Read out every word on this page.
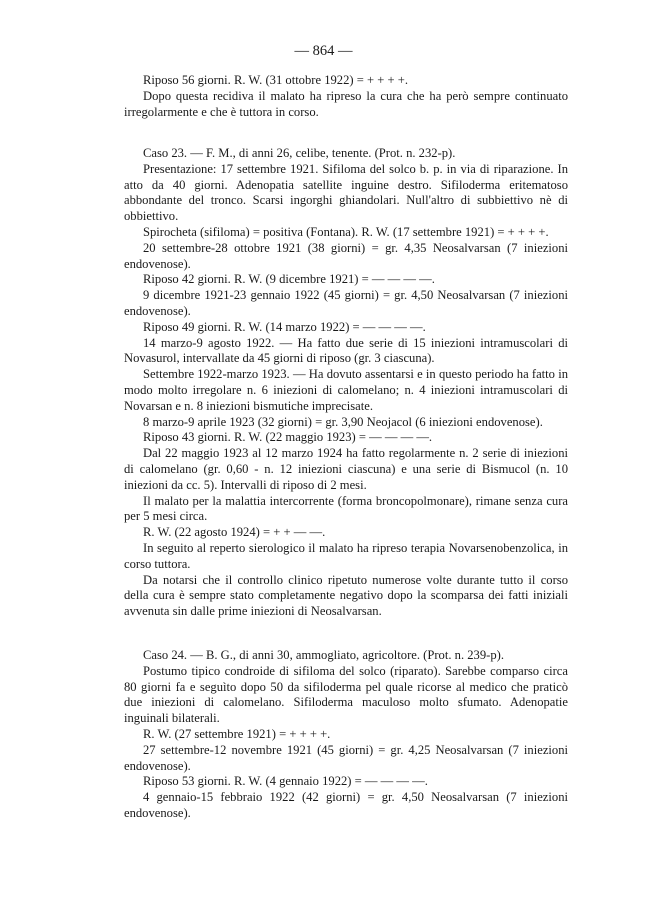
— 864 —

Riposo 56 giorni. R. W. (31 ottobre 1922) = + + + +.

Dopo questa recidiva il malato ha ripreso la cura che ha però sempre continuato irregolarmente e che è tuttora in corso.

Caso 23. — F. M., di anni 26, celibe, tenente. (Prot. n. 232-p).

Presentazione: 17 settembre 1921. Sifiloma del solco b. p. in via di riparazione. In atto da 40 giorni. Adenopatia satellite inguine destro. Sifiloderma eritematoso abbondante del tronco. Scarsi ingorghi ghiandolari. Null'altro di subbiettivo nè di obbiettivo.

Spirocheta (sifiloma) = positiva (Fontana). R. W. (17 settembre 1921) = + + + +.

20 settembre-28 ottobre 1921 (38 giorni) = gr. 4,35 Neosalvarsan (7 iniezioni endovenose).

Riposo 42 giorni. R. W. (9 dicembre 1921) = — — — —.

9 dicembre 1921-23 gennaio 1922 (45 giorni) = gr. 4,50 Neosalvarsan (7 iniezioni endovenose).

Riposo 49 giorni. R. W. (14 marzo 1922) = — — — —.

14 marzo-9 agosto 1922. — Ha fatto due serie di 15 iniezioni intramuscolari di Novasurol, intervallate da 45 giorni di riposo (gr. 3 ciascuna).

Settembre 1922-marzo 1923. — Ha dovuto assentarsi e in questo periodo ha fatto in modo molto irregolare n. 6 iniezioni di calomelano; n. 4 iniezioni intramuscolari di Novarsan e n. 8 iniezioni bismutiche imprecisate.

8 marzo-9 aprile 1923 (32 giorni) = gr. 3,90 Neojacol (6 iniezioni endovenose).

Riposo 43 giorni. R. W. (22 maggio 1923) = — — — —.

Dal 22 maggio 1923 al 12 marzo 1924 ha fatto regolarmente n. 2 serie di iniezioni di calomelano (gr. 0,60 - n. 12 iniezioni ciascuna) e una serie di Bismucol (n. 10 iniezioni da cc. 5). Intervalli di riposo di 2 mesi.

Il malato per la malattia intercorrente (forma broncopolmonare), rimane senza cura per 5 mesi circa.

R. W. (22 agosto 1924) = + + — —.

In seguito al reperto sierologico il malato ha ripreso terapia Novarsenobenzolica, in corso tuttora.

Da notarsi che il controllo clinico ripetuto numerose volte durante tutto il corso della cura è sempre stato completamente negativo dopo la scomparsa dei fatti iniziali avvenuta sin dalle prime iniezioni di Neosalvarsan.

Caso 24. — B. G., di anni 30, ammogliato, agricoltore. (Prot. n. 239-p).

Postumo tipico condroide di sifiloma del solco (riparato). Sarebbe comparso circa 80 giorni fa e seguìto dopo 50 da sifiloderma pel quale ricorse al medico che praticò due iniezioni di calomelano. Sifiloderma maculoso molto sfumato. Adenopatie inguinali bilaterali.

R. W. (27 settembre 1921) = + + + +.

27 settembre-12 novembre 1921 (45 giorni) = gr. 4,25 Neosalvarsan (7 iniezioni endovenose).

Riposo 53 giorni. R. W. (4 gennaio 1922) = — — — —.

4 gennaio-15 febbraio 1922 (42 giorni) = gr. 4,50 Neosalvarsan (7 iniezioni endovenose).
